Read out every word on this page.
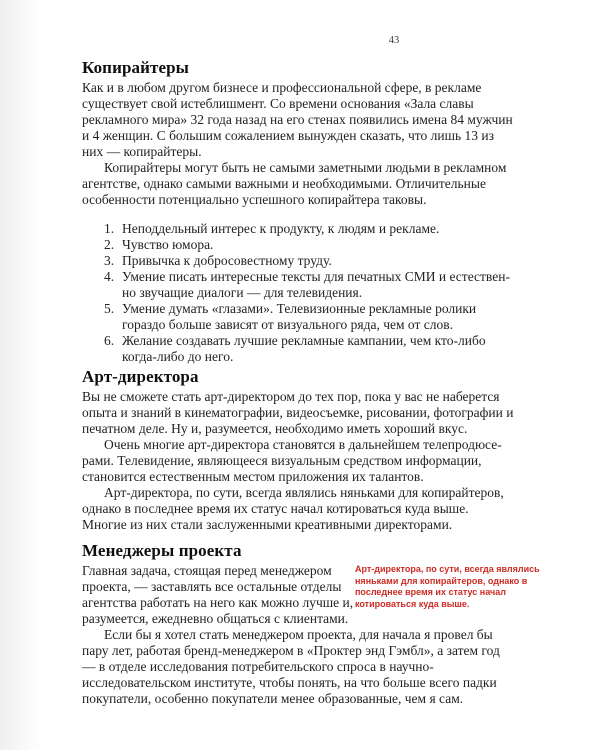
43
Копирайтеры

Как и в любом другом бизнесе и профессиональной сфере, в рекламе существует свой истеблишмент. Со времени основания «Зала славы рекламного мира» 32 года назад на его стенах появились имена 84 мужчин и 4 женщин. С большим сожалением вынужден сказать, что лишь 13 из них — копирайтеры.

Копирайтеры могут быть не самыми заметными людьми в рекламном агентстве, однако самыми важными и необходимыми. Отличительные особенности потенциально успешного копирайтера таковы.

1. Неподдельный интерес к продукту, к людям и рекламе.
2. Чувство юмора.
3. Привычка к добросовестному труду.
4. Умение писать интересные тексты для печатных СМИ и естественно звучащие диалоги — для телевидения.
5. Умение думать «глазами». Телевизионные рекламные ролики гораздо больше зависят от визуального ряда, чем от слов.
6. Желание создавать лучшие рекламные кампании, чем кто-либо когда-либо до него.
Арт-директора

Вы не сможете стать арт-директором до тех пор, пока у вас не наберется опыта и знаний в кинематографии, видеосъемке, рисовании, фотографии и печатном деле. Ну и, разумеется, необходимо иметь хороший вкус.

Очень многие арт-директора становятся в дальнейшем телепродюсерами. Телевидение, являющееся визуальным средством информации, становится естественным местом приложения их талантов.

Арт-директора, по сути, всегда являлись няньками для копирайтеров, однако в последнее время их статус начал котироваться куда выше. Многие из них стали заслуженными креативными директорами.

Менеджеры проекта

Главная задача, стоящая перед менеджером проекта, — заставлять все остальные отделы агентства работать на него как можно лучше и, разумеется, ежедневно общаться с клиентами.

Арт-директора, по сути, всегда являлись няньками для копирайтеров, однако в последнее время их статус начал котироваться куда выше.

Если бы я хотел стать менеджером проекта, для начала я провел бы пару лет, работая бренд-менеджером в «Проктер энд Гэмбл», а затем год — в отделе исследования потребительского спроса в научно-исследовательском институте, чтобы понять, на что больше всего падки покупатели, особенно покупатели менее образованные, чем я сам.
